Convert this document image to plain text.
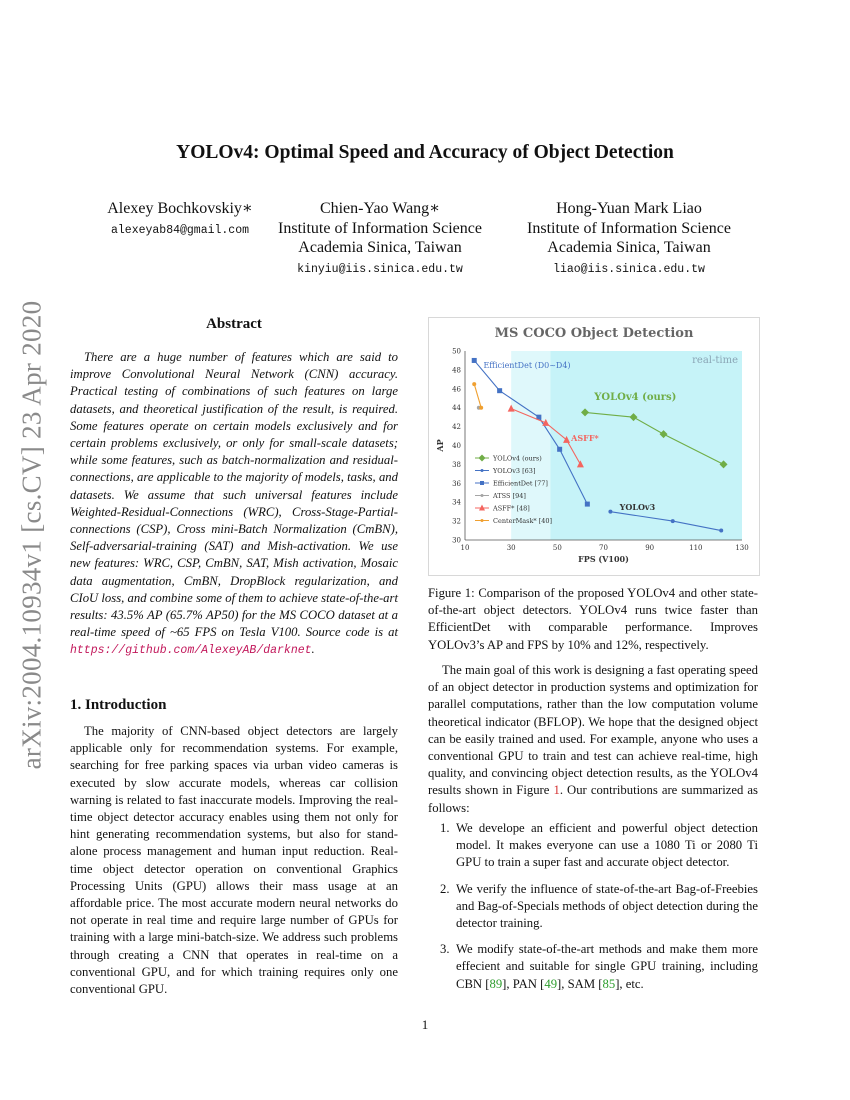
arXiv:2004.10934v1 [cs.CV] 23 Apr 2020
YOLOv4: Optimal Speed and Accuracy of Object Detection
Alexey Bochkovskiy∗
alexeyab84@gmail.com
Chien-Yao Wang∗
Institute of Information Science
Academia Sinica, Taiwan
kinyiu@iis.sinica.edu.tw
Hong-Yuan Mark Liao
Institute of Information Science
Academia Sinica, Taiwan
liao@iis.sinica.edu.tw
Abstract

There are a huge number of features which are said to improve Convolutional Neural Network (CNN) accuracy. Practical testing of combinations of such features on large datasets, and theoretical justification of the result, is required. Some features operate on certain models exclusively and for certain problems exclusively, or only for small-scale datasets; while some features, such as batch-normalization and residual-connections, are applicable to the majority of models, tasks, and datasets. We assume that such universal features include Weighted-Residual-Connections (WRC), Cross-Stage-Partial-connections (CSP), Cross mini-Batch Normalization (CmBN), Self-adversarial-training (SAT) and Mish-activation. We use new features: WRC, CSP, CmBN, SAT, Mish activation, Mosaic data augmentation, CmBN, DropBlock regularization, and CIoU loss, and combine some of them to achieve state-of-the-art results: 43.5% AP (65.7% AP50) for the MS COCO dataset at a real-time speed of ~65 FPS on Tesla V100. Source code is at https://github.com/AlexeyAB/darknet.

1. Introduction

The majority of CNN-based object detectors are largely applicable only for recommendation systems. For example, searching for free parking spaces via urban video cameras is executed by slow accurate models, whereas car collision warning is related to fast inaccurate models. Improving the real-time object detector accuracy enables using them not only for hint generating recommendation systems, but also for stand-alone process management and human input reduction. Real-time object detector operation on conventional Graphics Processing Units (GPU) allows their mass usage at an affordable price. The most accurate modern neural networks do not operate in real time and require large number of GPUs for training with a large mini-batch-size. We address such problems through creating a CNN that operates in real-time on a conventional GPU, and for which training requires only one conventional GPU.

real-time
MS COCO Object Detection
10	30	50	70	90	110	130
30
32
34
36
38
40
42
44
46
48
50
FPS (V100)
AP
EfficientDet (D0~D4)
YOLOv4 (ours)
ASFF*
YOLOv3
YOLOv4 (ours)
YOLOv3 [63]
EfficientDet [77]
ATSS [94]
ASFF* [48]
CenterMask* [40]

Figure 1: Comparison of the proposed YOLOv4 and other state-of-the-art object detectors. YOLOv4 runs twice faster than EfficientDet with comparable performance. Improves YOLOv3’s AP and FPS by 10% and 12%, respectively.

The main goal of this work is designing a fast operating speed of an object detector in production systems and optimization for parallel computations, rather than the low computation volume theoretical indicator (BFLOP). We hope that the designed object can be easily trained and used. For example, anyone who uses a conventional GPU to train and test can achieve real-time, high quality, and convincing object detection results, as the YOLOv4 results shown in Figure 1. Our contributions are summarized as follows:

1. We develope an efficient and powerful object detection model. It makes everyone can use a 1080 Ti or 2080 Ti GPU to train a super fast and accurate object detector.
2. We verify the influence of state-of-the-art Bag-of-Freebies and Bag-of-Specials methods of object detection during the detector training.
3. We modify state-of-the-art methods and make them more effecient and suitable for single GPU training, including CBN [89], PAN [49], SAM [85], etc.
1
